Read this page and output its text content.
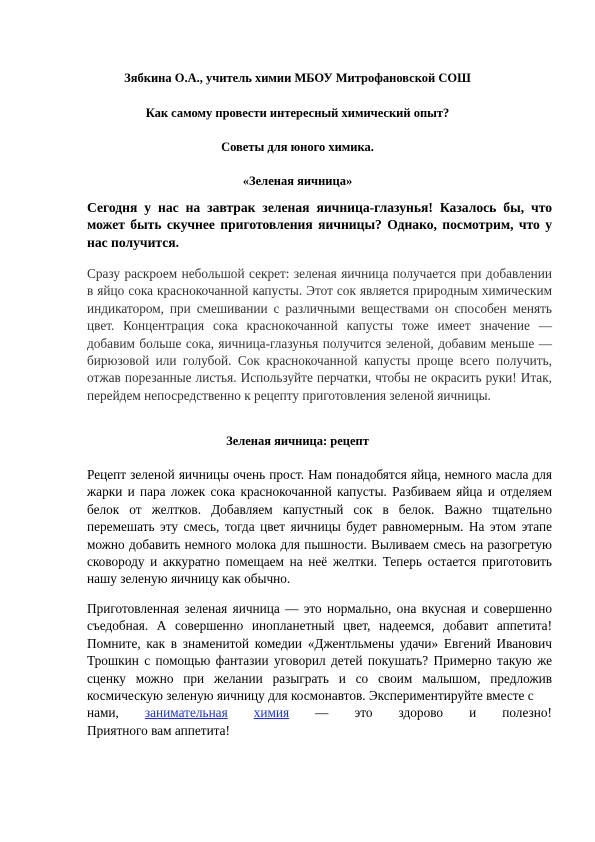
Зябкина О.А., учитель химии МБОУ Митрофановской СОШ
Как самому провести интересный химический опыт?
Советы для юного химика.
«Зеленая яичница»
Сегодня у нас на завтрак зеленая яичница-глазунья! Казалось бы, что может быть скучнее приготовления яичницы? Однако, посмотрим, что у нас получится.
Сразу раскроем небольшой секрет: зеленая яичница получается при добавлении в яйцо сока краснокочанной капусты. Этот сок является природным химическим индикатором, при смешивании с различными веществами он способен менять цвет. Концентрация сока краснокочанной капусты тоже имеет значение — добавим больше сока, яичница-глазунья получится зеленой, добавим меньше — бирюзовой или голубой. Сок краснокочанной капусты проще всего получить, отжав порезанные листья. Используйте перчатки, чтобы не окрасить руки! Итак, перейдем непосредственно к рецепту приготовления зеленой яичницы.
Зеленая яичница: рецепт
Рецепт зеленой яичницы очень прост. Нам понадобятся яйца, немного масла для жарки и пара ложек сока краснокочанной капусты. Разбиваем яйца и отделяем белок от желтков. Добавляем капустный сок в белок. Важно тщательно перемешать эту смесь, тогда цвет яичницы будет равномерным. На этом этапе можно добавить немного молока для пышности. Выливаем смесь на разогретую сковороду и аккуратно помещаем на неё желтки. Теперь остается приготовить нашу зеленую яичницу как обычно.
Приготовленная зеленая яичница — это нормально, она вкусная и совершенно съедобная. А совершенно инопланетный цвет, надеемся, добавит аппетита! Помните, как в знаменитой комедии «Джентльмены удачи» Евгений Иванович Трошкин с помощью фантазии уговорил детей покушать? Примерно такую же сценку можно при желании разыграть и со своим малышом, предложив космическую зеленую яичницу для космонавтов. Экспериментируйте вместе с
нами, занимательная химия — это здорово и полезно!
Приятного вам аппетита!
